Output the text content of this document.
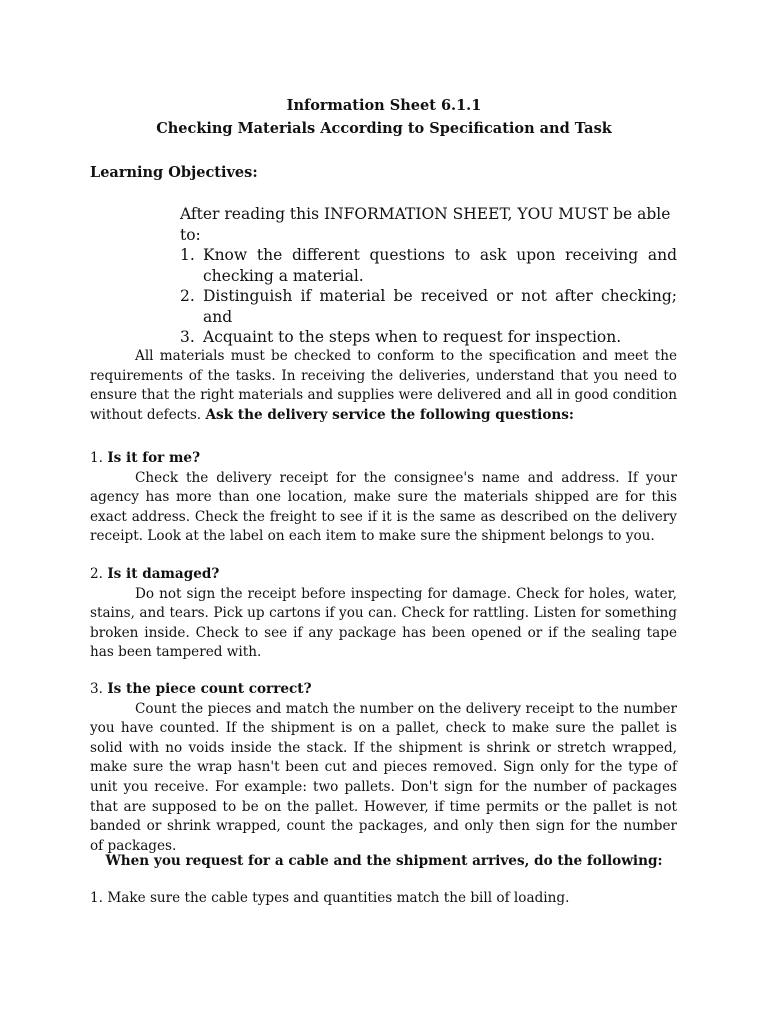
Information Sheet 6.1.1
Checking Materials According to Specification and Task
Learning Objectives:

After reading this INFORMATION SHEET, YOU MUST be able to:

1. Know the different questions to ask upon receiving and checking a material.
2. Distinguish if material be received or not after checking; and
3. Acquaint to the steps when to request for inspection.

All materials must be checked to conform to the specification and meet the requirements of the tasks. In receiving the deliveries, understand that you need to ensure that the right materials and supplies were delivered and all in good condition without defects. Ask the delivery service the following questions:

1. Is it for me?

Check the delivery receipt for the consignee's name and address. If your agency has more than one location, make sure the materials shipped are for this exact address. Check the freight to see if it is the same as described on the delivery receipt. Look at the label on each item to make sure the shipment belongs to you.

2. Is it damaged?

Do not sign the receipt before inspecting for damage. Check for holes, water, stains, and tears. Pick up cartons if you can. Check for rattling. Listen for something broken inside. Check to see if any package has been opened or if the sealing tape has been tampered with.

3. Is the piece count correct?

Count the pieces and match the number on the delivery receipt to the number you have counted. If the shipment is on a pallet, check to make sure the pallet is solid with no voids inside the stack. If the shipment is shrink or stretch wrapped, make sure the wrap hasn't been cut and pieces removed. Sign only for the type of unit you receive. For example: two pallets. Don't sign for the number of packages that are supposed to be on the pallet. However, if time permits or the pallet is not banded or shrink wrapped, count the packages, and only then sign for the number of packages.

When you request for a cable and the shipment arrives, do the following:
1. Make sure the cable types and quantities match the bill of loading.
